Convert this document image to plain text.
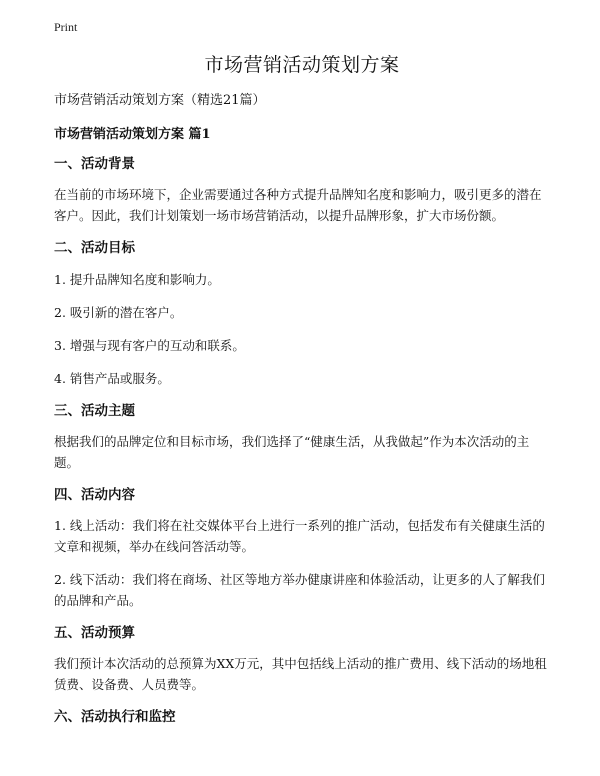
Print
市场营销活动策划方案

市场营销活动策划方案（精选21篇）

市场营销活动策划方案 篇1

一、活动背景

在当前的市场环境下，企业需要通过各种方式提升品牌知名度和影响力，吸引更多的潜在客户。因此，我们计划策划一场市场营销活动，以提升品牌形象，扩大市场份额。

二、活动目标

1. 提升品牌知名度和影响力。

2. 吸引新的潜在客户。

3. 增强与现有客户的互动和联系。

4. 销售产品或服务。

三、活动主题

根据我们的品牌定位和目标市场，我们选择了“健康生活，从我做起”作为本次活动的主题。

四、活动内容

1. 线上活动：我们将在社交媒体平台上进行一系列的推广活动，包括发布有关健康生活的文章和视频，举办在线问答活动等。

2. 线下活动：我们将在商场、社区等地方举办健康讲座和体验活动，让更多的人了解我们的品牌和产品。

五、活动预算

我们预计本次活动的总预算为XX万元，其中包括线上活动的推广费用、线下活动的场地租赁费、设备费、人员费等。

六、活动执行和监控
